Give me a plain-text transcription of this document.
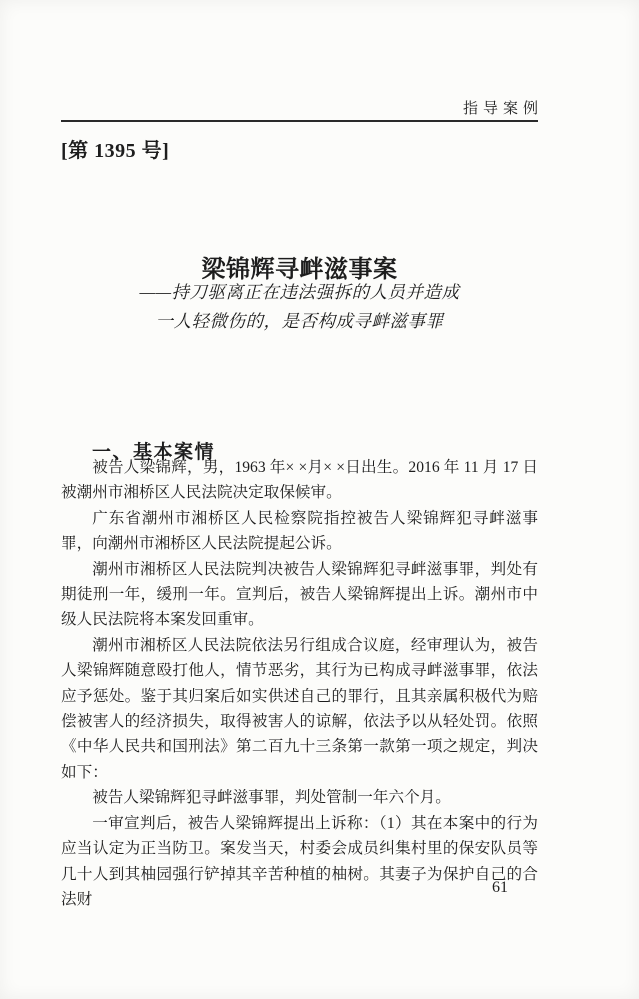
指导案例
[第 1395 号]
梁锦辉寻衅滋事案
——持刀驱离正在违法强拆的人员并造成
一人轻微伤的，是否构成寻衅滋事罪
一、基本案情

被告人梁锦辉，男，1963 年× ×月× ×日出生。2016 年 11 月 17 日被潮州市湘桥区人民法院决定取保候审。

广东省潮州市湘桥区人民检察院指控被告人梁锦辉犯寻衅滋事罪，向潮州市湘桥区人民法院提起公诉。

潮州市湘桥区人民法院判决被告人梁锦辉犯寻衅滋事罪，判处有期徒刑一年，缓刑一年。宣判后，被告人梁锦辉提出上诉。潮州市中级人民法院将本案发回重审。

潮州市湘桥区人民法院依法另行组成合议庭，经审理认为，被告人梁锦辉随意殴打他人，情节恶劣，其行为已构成寻衅滋事罪，依法应予惩处。鉴于其归案后如实供述自己的罪行，且其亲属积极代为赔偿被害人的经济损失，取得被害人的谅解，依法予以从轻处罚。依照《中华人民共和国刑法》第二百九十三条第一款第一项之规定，判决如下：

被告人梁锦辉犯寻衅滋事罪，判处管制一年六个月。

一审宣判后，被告人梁锦辉提出上诉称：（1）其在本案中的行为应当认定为正当防卫。案发当天，村委会成员纠集村里的保安队员等几十人到其柚园强行铲掉其辛苦种植的柚树。其妻子为保护自己的合法财

61
